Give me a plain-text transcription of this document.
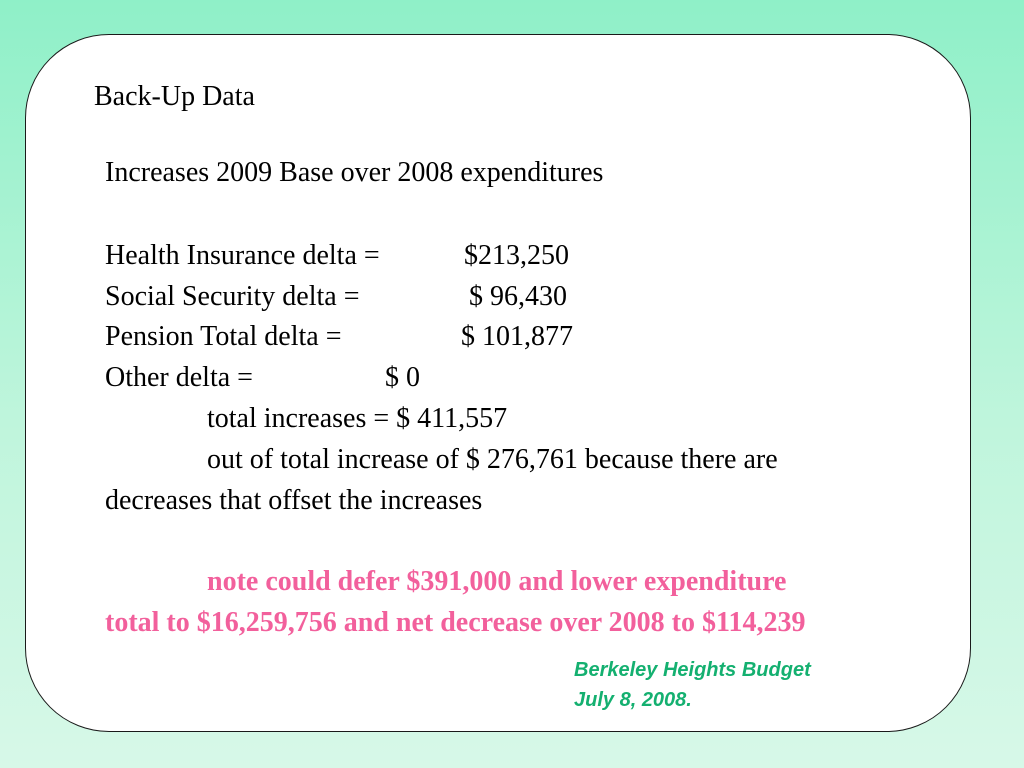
Back-Up Data
Increases 2009 Base over 2008 expenditures
Health Insurance delta =	$213,250
Social Security delta =	$ 96,430
Pension Total delta =	$ 101,877
Other delta =	$ 0
total increases = $ 411,557
out of total increase of $ 276,761 because there are
decreases that offset the increases
note could defer $391,000 and lower expenditure
total to $16,259,756 and net decrease over 2008 to $114,239
Berkeley Heights Budget
July 8, 2008.
